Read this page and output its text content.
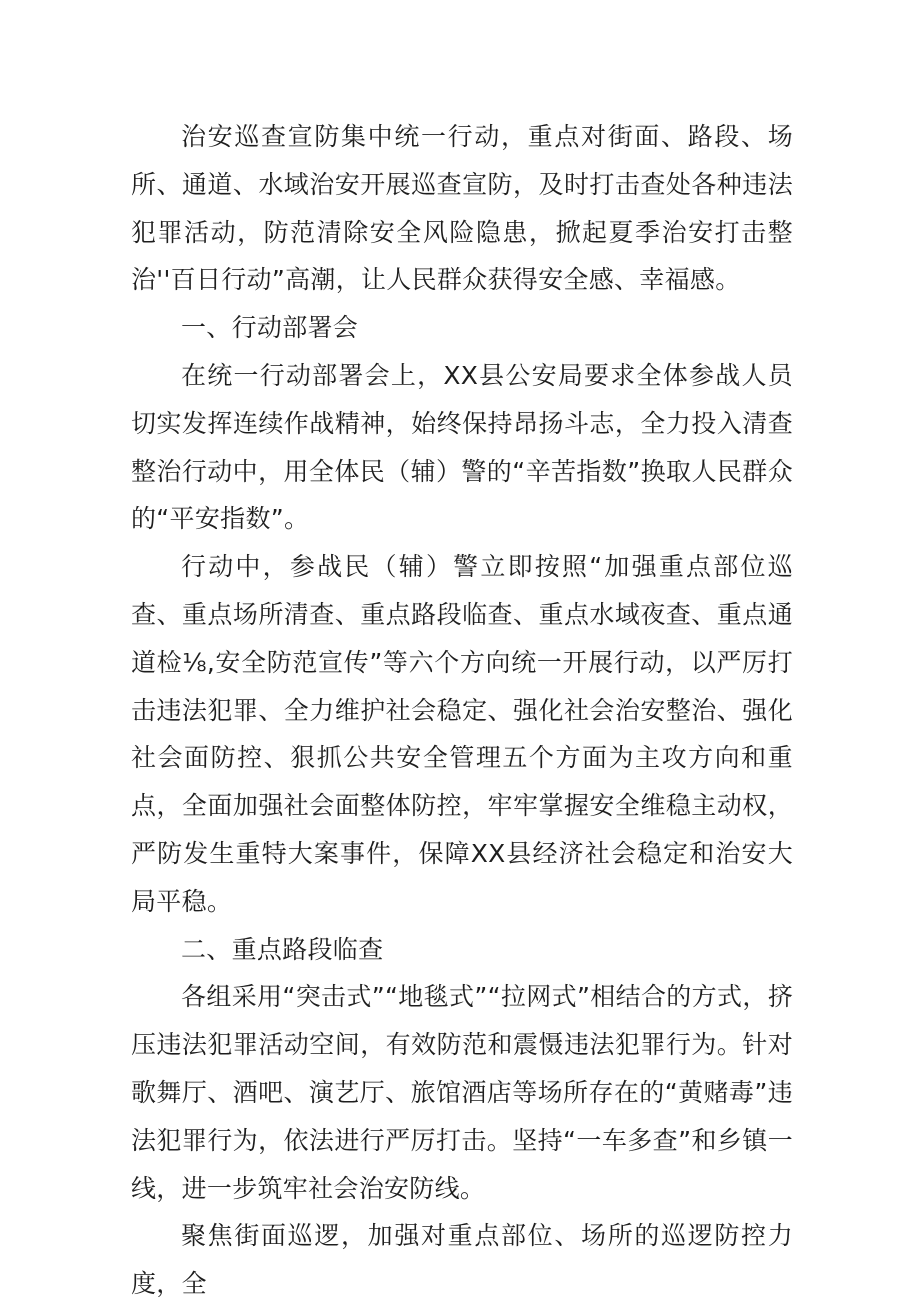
治安巡查宣防集中统一行动，重点对街面、路段、场所、通道、水域治安开展巡查宣防，及时打击查处各种违法犯罪活动，防范清除安全风险隐患，掀起夏季治安打击整治''百日行动”高潮，让人民群众获得安全感、幸福感。

一、行动部署会

在统一行动部署会上，XX县公安局要求全体参战人员切实发挥连续作战精神，始终保持昂扬斗志，全力投入清查整治行动中，用全体民（辅）警的“辛苦指数”换取人民群众的“平安指数”。

行动中，参战民（辅）警立即按照“加强重点部位巡查、重点场所清查、重点路段临查、重点水域夜查、重点通道检⅛,安全防范宣传”等六个方向统一开展行动，以严厉打击违法犯罪、全力维护社会稳定、强化社会治安整治、强化社会面防控、狠抓公共安全管理五个方面为主攻方向和重点，全面加强社会面整体防控，牢牢掌握安全维稳主动权，严防发生重特大案事件，保障XX县经济社会稳定和治安大局平稳。

二、重点路段临查

各组采用“突击式”“地毯式”“拉网式”相结合的方式，挤压违法犯罪活动空间，有效防范和震慑违法犯罪行为。针对歌舞厅、酒吧、演艺厅、旅馆酒店等场所存在的“黄赌毒”违法犯罪行为，依法进行严厉打击。坚持“一车多查”和乡镇一线，进一步筑牢社会治安防线。

聚焦街面巡逻，加强对重点部位、场所的巡逻防控力度，全
